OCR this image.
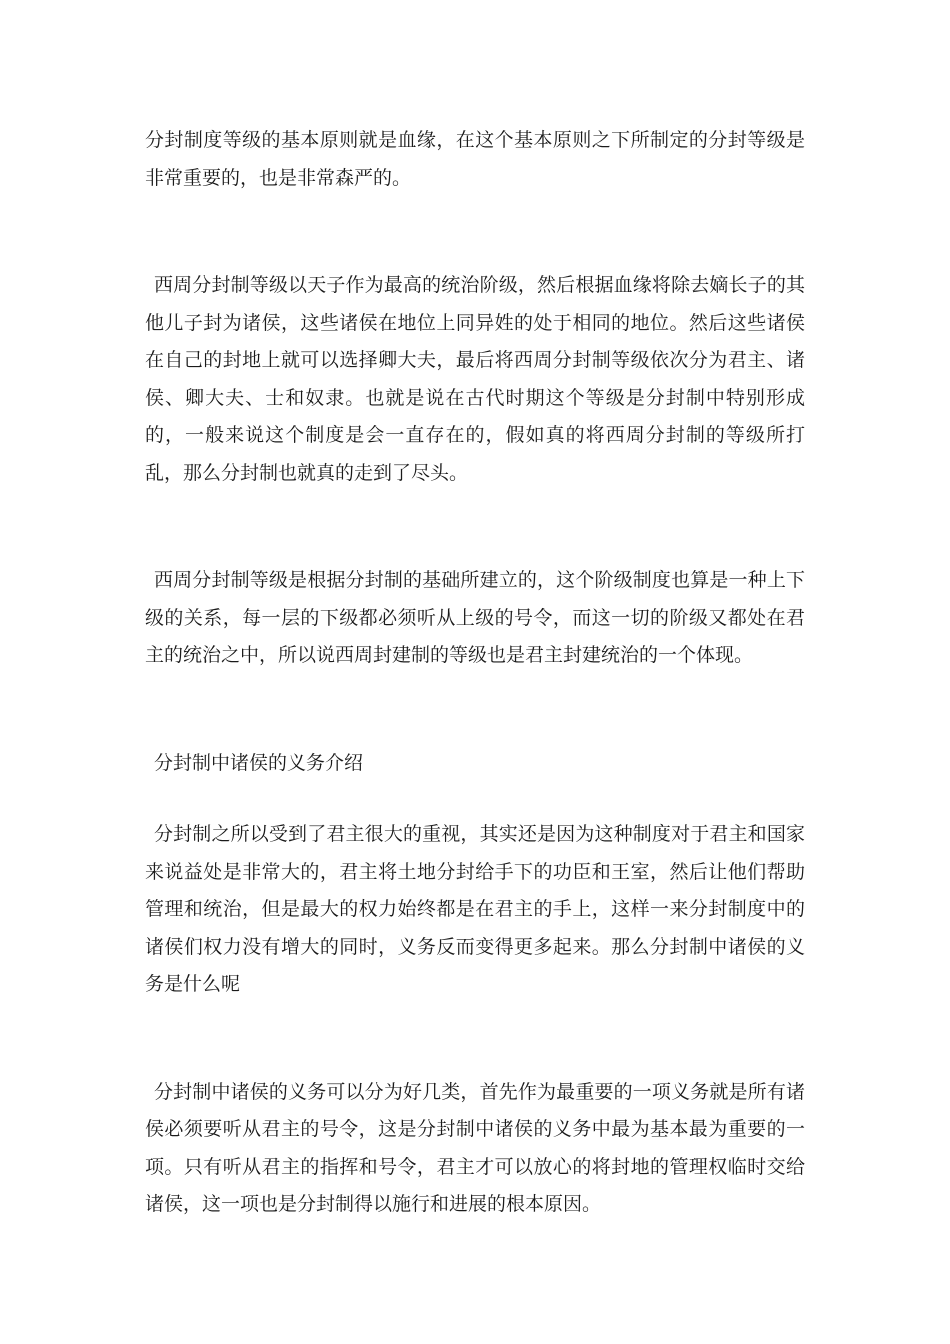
分封制度等级的基本原则就是血缘，在这个基本原则之下所制定的分封等级是非常重要的，也是非常森严的。

西周分封制等级以天子作为最高的统治阶级，然后根据血缘将除去嫡长子的其他儿子封为诸侯，这些诸侯在地位上同异姓的处于相同的地位。然后这些诸侯在自己的封地上就可以选择卿大夫，最后将西周分封制等级依次分为君主、诸侯、卿大夫、士和奴隶。也就是说在古代时期这个等级是分封制中特别形成的，一般来说这个制度是会一直存在的，假如真的将西周分封制的等级所打乱，那么分封制也就真的走到了尽头。

西周分封制等级是根据分封制的基础所建立的，这个阶级制度也算是一种上下级的关系，每一层的下级都必须听从上级的号令，而这一切的阶级又都处在君主的统治之中，所以说西周封建制的等级也是君主封建统治的一个体现。

分封制中诸侯的义务介绍

分封制之所以受到了君主很大的重视，其实还是因为这种制度对于君主和国家来说益处是非常大的，君主将土地分封给手下的功臣和王室，然后让他们帮助管理和统治，但是最大的权力始终都是在君主的手上，这样一来分封制度中的诸侯们权力没有增大的同时，义务反而变得更多起来。那么分封制中诸侯的义务是什么呢

分封制中诸侯的义务可以分为好几类，首先作为最重要的一项义务就是所有诸侯必须要听从君主的号令，这是分封制中诸侯的义务中最为基本最为重要的一项。只有听从君主的指挥和号令，君主才可以放心的将封地的管理权临时交给诸侯，这一项也是分封制得以施行和进展的根本原因。
